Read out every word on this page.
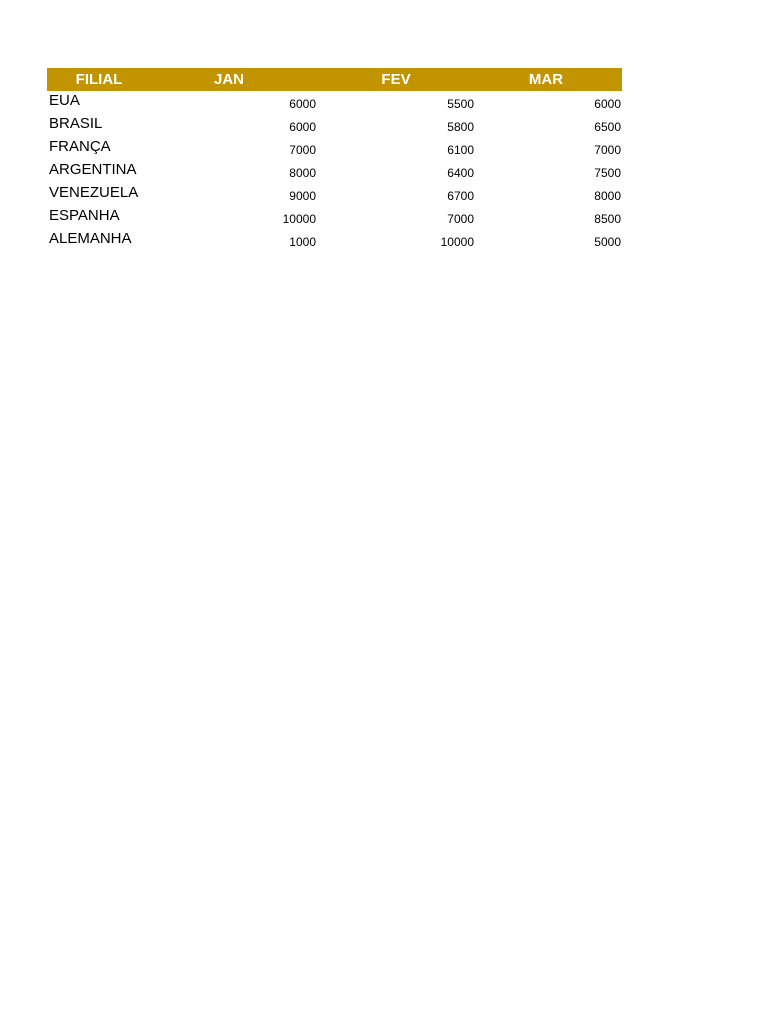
FILIAL	JAN	FEV	MAR
EUA	6000	5500	6000
BRASIL	6000	5800	6500
FRANÇA	7000	6100	7000
ARGENTINA	8000	6400	7500
VENEZUELA	9000	6700	8000
ESPANHA	10000	7000	8500
ALEMANHA	1000	10000	5000
